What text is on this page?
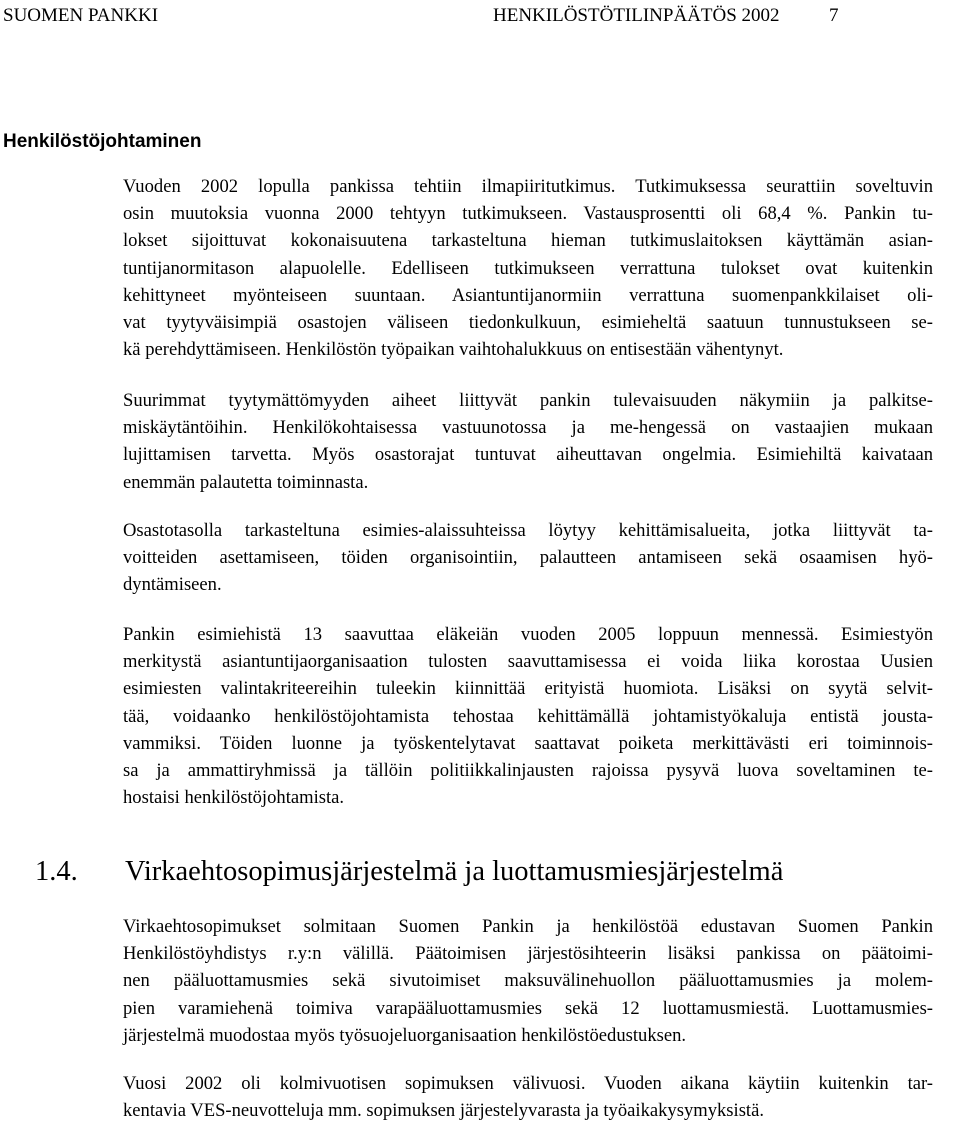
SUOMEN PANKKI	HENKILÖSTÖTILINPÄÄTÖS 2002	7
Henkilöstöjohtaminen
Vuoden 2002 lopulla pankissa tehtiin ilmapiiritutkimus. Tutkimuksessa seurattiin soveltuvin
osin muutoksia vuonna 2000 tehtyyn tutkimukseen. Vastausprosentti oli 68,4 %. Pankin tu-
lokset sijoittuvat kokonaisuutena tarkasteltuna hieman tutkimuslaitoksen käyttämän asian-
tuntijanormitason alapuolelle. Edelliseen tutkimukseen verrattuna tulokset ovat kuitenkin
kehittyneet myönteiseen suuntaan. Asiantuntijanormiin verrattuna suomenpankkilaiset oli-
vat tyytyväisimpiä osastojen väliseen tiedonkulkuun, esimieheltä saatuun tunnustukseen se-
kä perehdyttämiseen. Henkilöstön työpaikan vaihtohalukkuus on entisestään vähentynyt.
Suurimmat tyytymättömyyden aiheet liittyvät pankin tulevaisuuden näkymiin ja palkitse-
miskäytäntöihin. Henkilökohtaisessa vastuunotossa ja me-hengessä on vastaajien mukaan
lujittamisen tarvetta. Myös osastorajat tuntuvat aiheuttavan ongelmia. Esimiehiltä kaivataan
enemmän palautetta toiminnasta.
Osastotasolla tarkasteltuna esimies-alaissuhteissa löytyy kehittämisalueita, jotka liittyvät ta-
voitteiden asettamiseen, töiden organisointiin, palautteen antamiseen sekä osaamisen hyö-
dyntämiseen.
Pankin esimiehistä 13 saavuttaa eläkeiän vuoden 2005 loppuun mennessä. Esimiestyön
merkitystä asiantuntijaorganisaation tulosten saavuttamisessa ei voida liika korostaa Uusien
esimiesten valintakriteereihin tuleekin kiinnittää erityistä huomiota. Lisäksi on syytä selvit-
tää, voidaanko henkilöstöjohtamista tehostaa kehittämällä johtamistyökaluja entistä jousta-
vammiksi. Töiden luonne ja työskentelytavat saattavat poiketa merkittävästi eri toiminnois-
sa ja ammattiryhmissä ja tällöin politiikkalinjausten rajoissa pysyvä luova soveltaminen te-
hostaisi henkilöstöjohtamista.
1.4. Virkaehtosopimusjärjestelmä ja luottamusmiesjärjestelmä
Virkaehtosopimukset solmitaan Suomen Pankin ja henkilöstöä edustavan Suomen Pankin
Henkilöstöyhdistys r.y:n välillä. Päätoimisen järjestösihteerin lisäksi pankissa on päätoimi-
nen pääluottamusmies sekä sivutoimiset maksuvälinehuollon pääluottamusmies ja molem-
pien varamiehenä toimiva varapääluottamusmies sekä 12 luottamusmiestä. Luottamusmies-
järjestelmä muodostaa myös työsuojeluorganisaation henkilöstöedustuksen.
Vuosi 2002 oli kolmivuotisen sopimuksen välivuosi. Vuoden aikana käytiin kuitenkin tar-
kentavia VES-neuvotteluja mm. sopimuksen järjestelyvarasta ja työaikakysymyksistä.
